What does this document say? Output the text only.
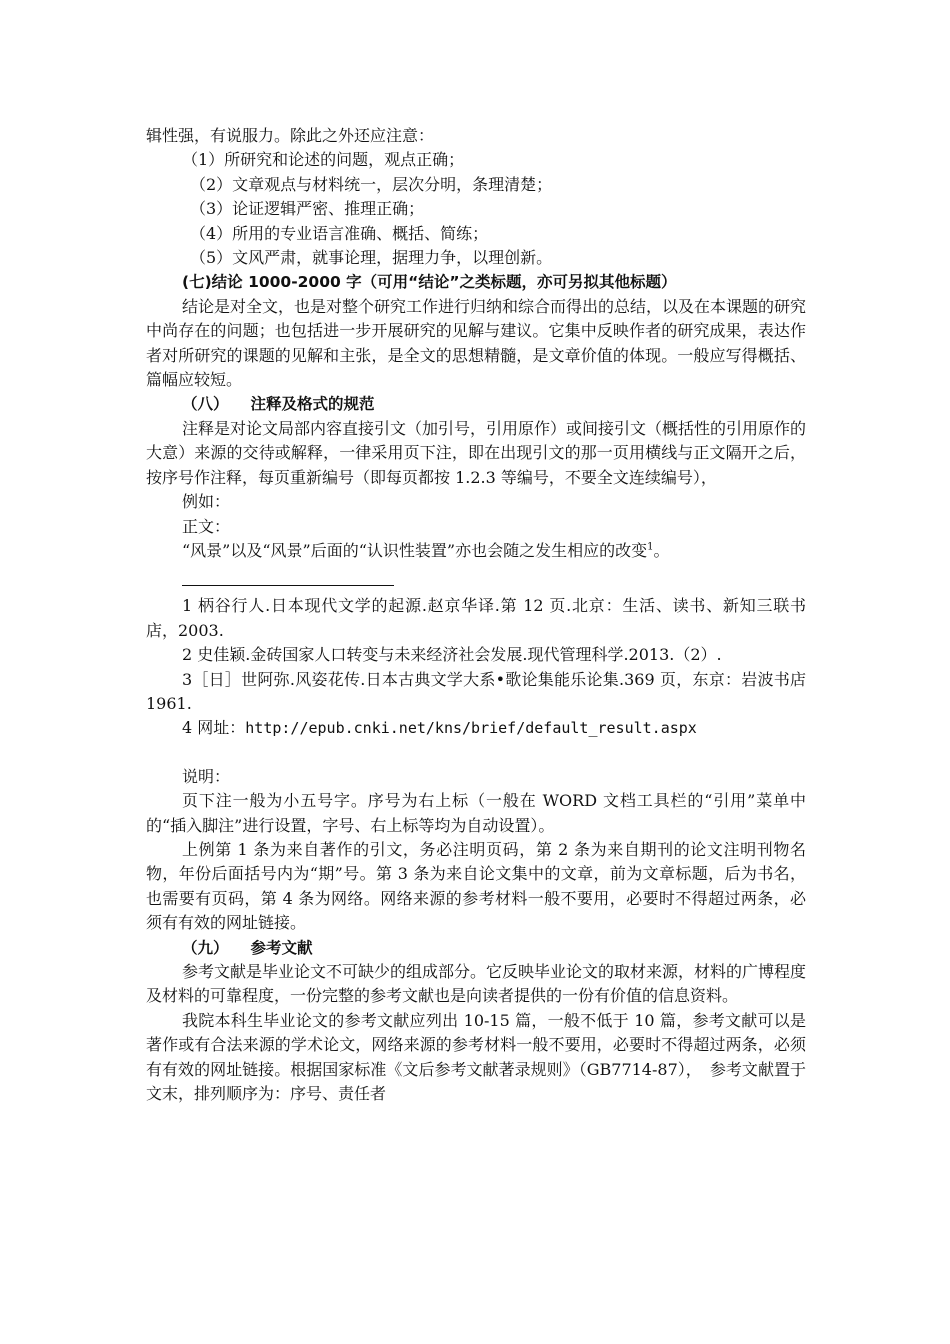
辑性强，有说服力。除此之外还应注意：

（1）所研究和论述的问题，观点正确；

（2）文章观点与材料统一，层次分明，条理清楚；

（3）论证逻辑严密、推理正确；

（4）所用的专业语言准确、概括、简练；

（5）文风严肃，就事论理，据理力争，以理创新。

(七)结论 1000-2000 字（可用“结论”之类标题，亦可另拟其他标题）

结论是对全文，也是对整个研究工作进行归纳和综合而得出的总结，以及在本课题的研究中尚存在的问题；也包括进一步开展研究的见解与建议。它集中反映作者的研究成果，表达作者对所研究的课题的见解和主张，是全文的思想精髓，是文章价值的体现。一般应写得概括、篇幅应较短。

（八） 注释及格式的规范

注释是对论文局部内容直接引文（加引号，引用原作）或间接引文（概括性的引用原作的大意）来源的交待或解释，一律采用页下注，即在出现引文的那一页用横线与正文隔开之后，按序号作注释，每页重新编号（即每页都按 1.2.3 等编号，不要全文连续编号），

例如：

正文：

“风景”以及“风景”后面的“认识性装置”亦也会随之发生相应的改变$^1$。

1 柄谷行人.日本现代文学的起源.赵京华译.第 12 页.北京：生活、读书、新知三联书店，2003.

2 史佳颖.金砖国家人口转变与未来经济社会发展.现代管理科学.2013.（2）.

3［日］世阿弥.风姿花传.日本古典文学大系•歌论集能乐论集.369 页，东京：岩波书店 1961.

4 网址：http://epub.cnki.net/kns/brief/default_result.aspx

说明：

页下注一般为小五号字。序号为右上标（一般在 WORD 文档工具栏的“引用”菜单中的“插入脚注”进行设置，字号、右上标等均为自动设置）。

上例第 1 条为来自著作的引文，务必注明页码，第 2 条为来自期刊的论文注明刊物名物，年份后面括号内为“期”号。第 3 条为来自论文集中的文章，前为文章标题，后为书名，也需要有页码，第 4 条为网络。网络来源的参考材料一般不要用，必要时不得超过两条，必须有有效的网址链接。

（九） 参考文献

参考文献是毕业论文不可缺少的组成部分。它反映毕业论文的取材来源，材料的广博程度及材料的可靠程度，一份完整的参考文献也是向读者提供的一份有价值的信息资料。

我院本科生毕业论文的参考文献应列出 10-15 篇，一般不低于 10 篇，参考文献可以是著作或有合法来源的学术论文，网络来源的参考材料一般不要用，必要时不得超过两条，必须有有效的网址链接。根据国家标准《文后参考文献著录规则》（GB7714-87），　参考文献置于文末，排列顺序为：序号、责任者
